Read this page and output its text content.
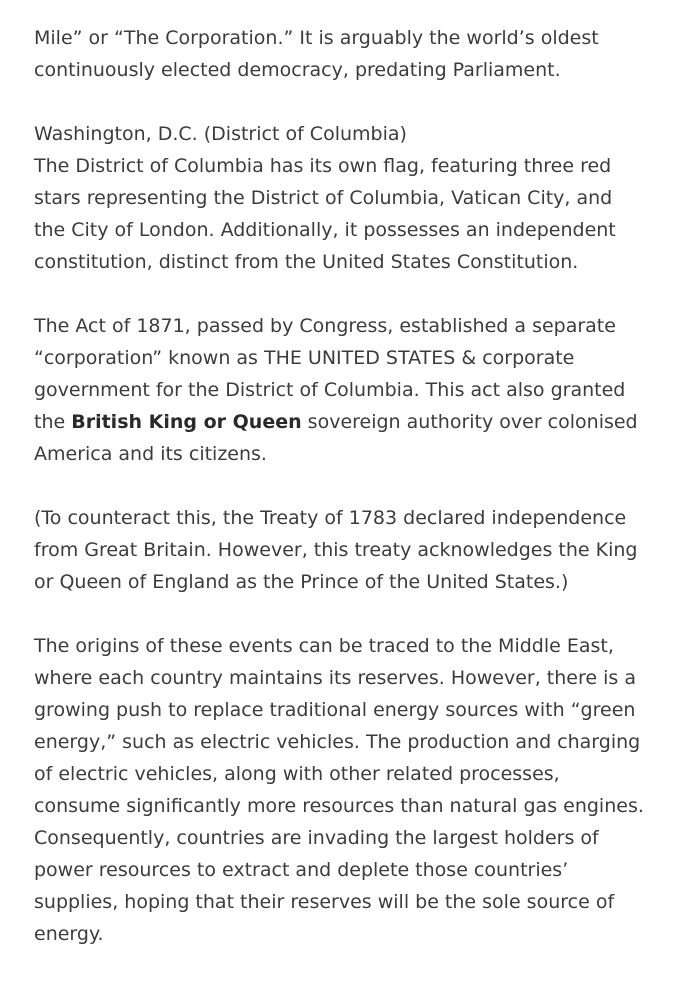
Mile” or “The Corporation.” It is arguably the world’s oldest
continuously elected democracy, predating Parliament.

Washington, D.C. (District of Columbia)
The District of Columbia has its own flag, featuring three red
stars representing the District of Columbia, Vatican City, and
the City of London. Additionally, it possesses an independent
constitution, distinct from the United States Constitution.

The Act of 1871, passed by Congress, established a separate
“corporation” known as THE UNITED STATES & corporate
government for the District of Columbia. This act also granted
the British King or Queen sovereign authority over colonised
America and its citizens.

(To counteract this, the Treaty of 1783 declared independence
from Great Britain. However, this treaty acknowledges the King
or Queen of England as the Prince of the United States.)

The origins of these events can be traced to the Middle East,
where each country maintains its reserves. However, there is a
growing push to replace traditional energy sources with “green
energy,” such as electric vehicles. The production and charging
of electric vehicles, along with other related processes,
consume significantly more resources than natural gas engines.
Consequently, countries are invading the largest holders of
power resources to extract and deplete those countries’
supplies, hoping that their reserves will be the sole source of
energy.
